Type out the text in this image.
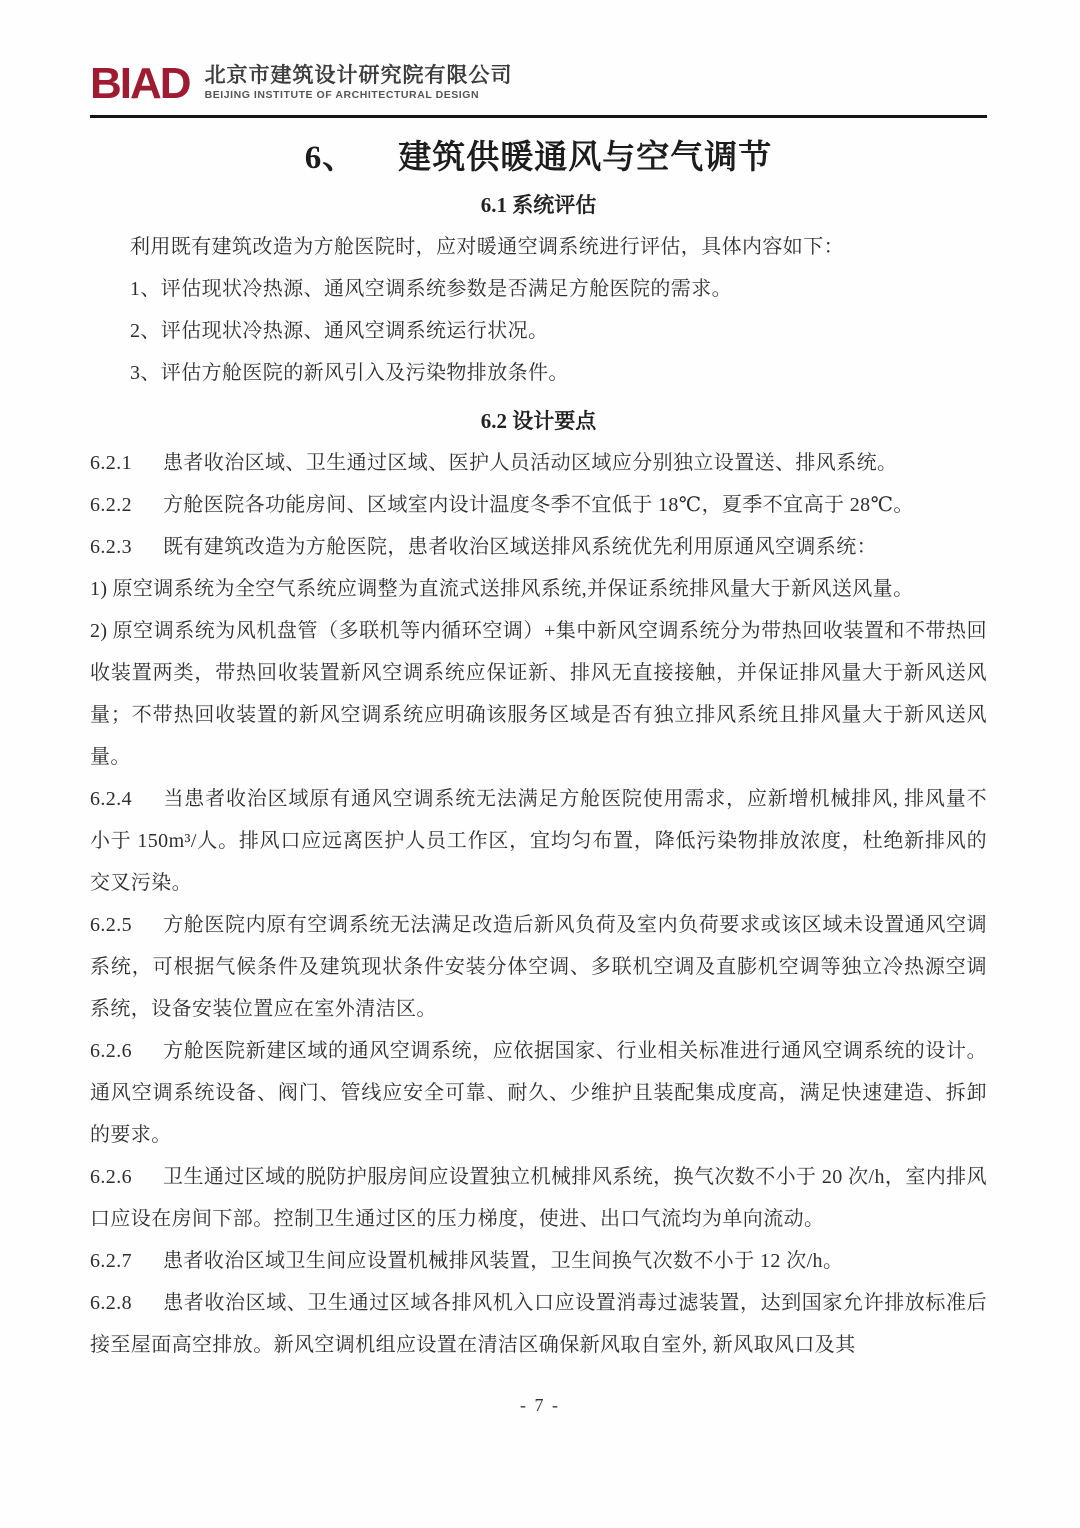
BIAD 北京市建筑设计研究院有限公司
BEIJING INSTITUTE OF ARCHITECTURAL DESIGN
6、 建筑供暖通风与空气调节
6.1 系统评估

利用既有建筑改造为方舱医院时，应对暖通空调系统进行评估，具体内容如下：

1、评估现状冷热源、通风空调系统参数是否满足方舱医院的需求。

2、评估现状冷热源、通风空调系统运行状况。

3、评估方舱医院的新风引入及污染物排放条件。

6.2 设计要点

6.2.1 患者收治区域、卫生通过区域、医护人员活动区域应分别独立设置送、排风系统。

6.2.2 方舱医院各功能房间、区域室内设计温度冬季不宜低于 18℃，夏季不宜高于 28℃。

6.2.3 既有建筑改造为方舱医院，患者收治区域送排风系统优先利用原通风空调系统：

1) 原空调系统为全空气系统应调整为直流式送排风系统,并保证系统排风量大于新风送风量。

2) 原空调系统为风机盘管（多联机等内循环空调）+集中新风空调系统分为带热回收装置和不带热回收装置两类，带热回收装置新风空调系统应保证新、排风无直接接触，并保证排风量大于新风送风量；不带热回收装置的新风空调系统应明确该服务区域是否有独立排风系统且排风量大于新风送风量。

6.2.4 当患者收治区域原有通风空调系统无法满足方舱医院使用需求，应新增机械排风, 排风量不小于 150m³/人。排风口应远离医护人员工作区，宜均匀布置，降低污染物排放浓度，杜绝新排风的交叉污染。

6.2.5 方舱医院内原有空调系统无法满足改造后新风负荷及室内负荷要求或该区域未设置通风空调系统，可根据气候条件及建筑现状条件安装分体空调、多联机空调及直膨机空调等独立冷热源空调系统，设备安装位置应在室外清洁区。

6.2.6 方舱医院新建区域的通风空调系统，应依据国家、行业相关标准进行通风空调系统的设计。通风空调系统设备、阀门、管线应安全可靠、耐久、少维护且装配集成度高，满足快速建造、拆卸的要求。

6.2.6 卫生通过区域的脱防护服房间应设置独立机械排风系统，换气次数不小于 20 次/h，室内排风口应设在房间下部。控制卫生通过区的压力梯度，使进、出口气流均为单向流动。

6.2.7 患者收治区域卫生间应设置机械排风装置，卫生间换气次数不小于 12 次/h。

6.2.8 患者收治区域、卫生通过区域各排风机入口应设置消毒过滤装置，达到国家允许排放标准后接至屋面高空排放。新风空调机组应设置在清洁区确保新风取自室外, 新风取风口及其

- 7 -
